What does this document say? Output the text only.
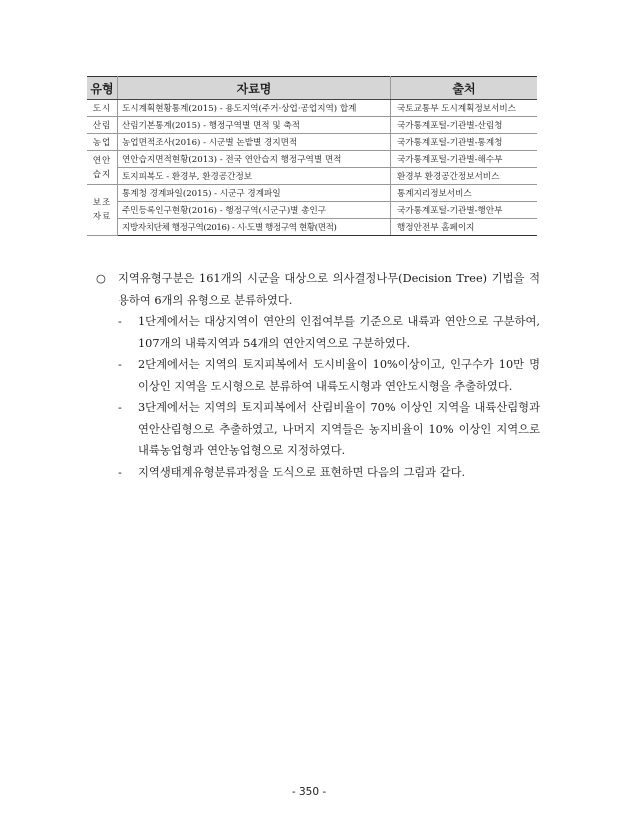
유형	자료명	출처
도시	도시계획현황통계(2015) - 용도지역(주거·상업·공업지역) 합계	국토교통부 도시계획정보서비스
산림	산림기본통계(2015) - 행정구역별 면적 및 축적	국가통계포털-기관별-산림청
농업	농업면적조사(2016) - 시군별 논밭별 경지면적	국가통계포털-기관별-통계청
연안
습지	연안습지면적현황(2013) - 전국 연안습지 행정구역별 면적	국가통계포털-기관별-해수부
	토지피복도 - 환경부, 환경공간정보	환경부 환경공간정보서비스
보조
자료	통계청 경계파일(2015) - 시군구 경계파일	통계지리정보서비스
	주민등록인구현황(2016) - 행정구역(시군구)별 총인구	국가통계포털-기관별-행안부
	지방자치단체 행정구역(2016) - 시·도별 행정구역 현황(면적)	행정안전부 홈페이지
○ 지역유형구분은 161개의 시군을 대상으로 의사결정나무(Decision Tree) 기법을 적용하여 6개의 유형으로 분류하였다.
- 1단계에서는 대상지역이 연안의 인접여부를 기준으로 내륙과 연안으로 구분하여, 107개의 내륙지역과 54개의 연안지역으로 구분하였다.
- 2단계에서는 지역의 토지피복에서 도시비율이 10%이상이고, 인구수가 10만 명 이상인 지역을 도시형으로 분류하여 내륙도시형과 연안도시형을 추출하였다.
- 3단계에서는 지역의 토지피복에서 산림비율이 70% 이상인 지역을 내륙산림형과 연안산림형으로 추출하였고, 나머지 지역들은 농지비율이 10% 이상인 지역으로 내륙농업형과 연안농업형으로 지정하였다.
- 지역생태계유형분류과정을 도식으로 표현하면 다음의 그림과 같다.
- 350 -
